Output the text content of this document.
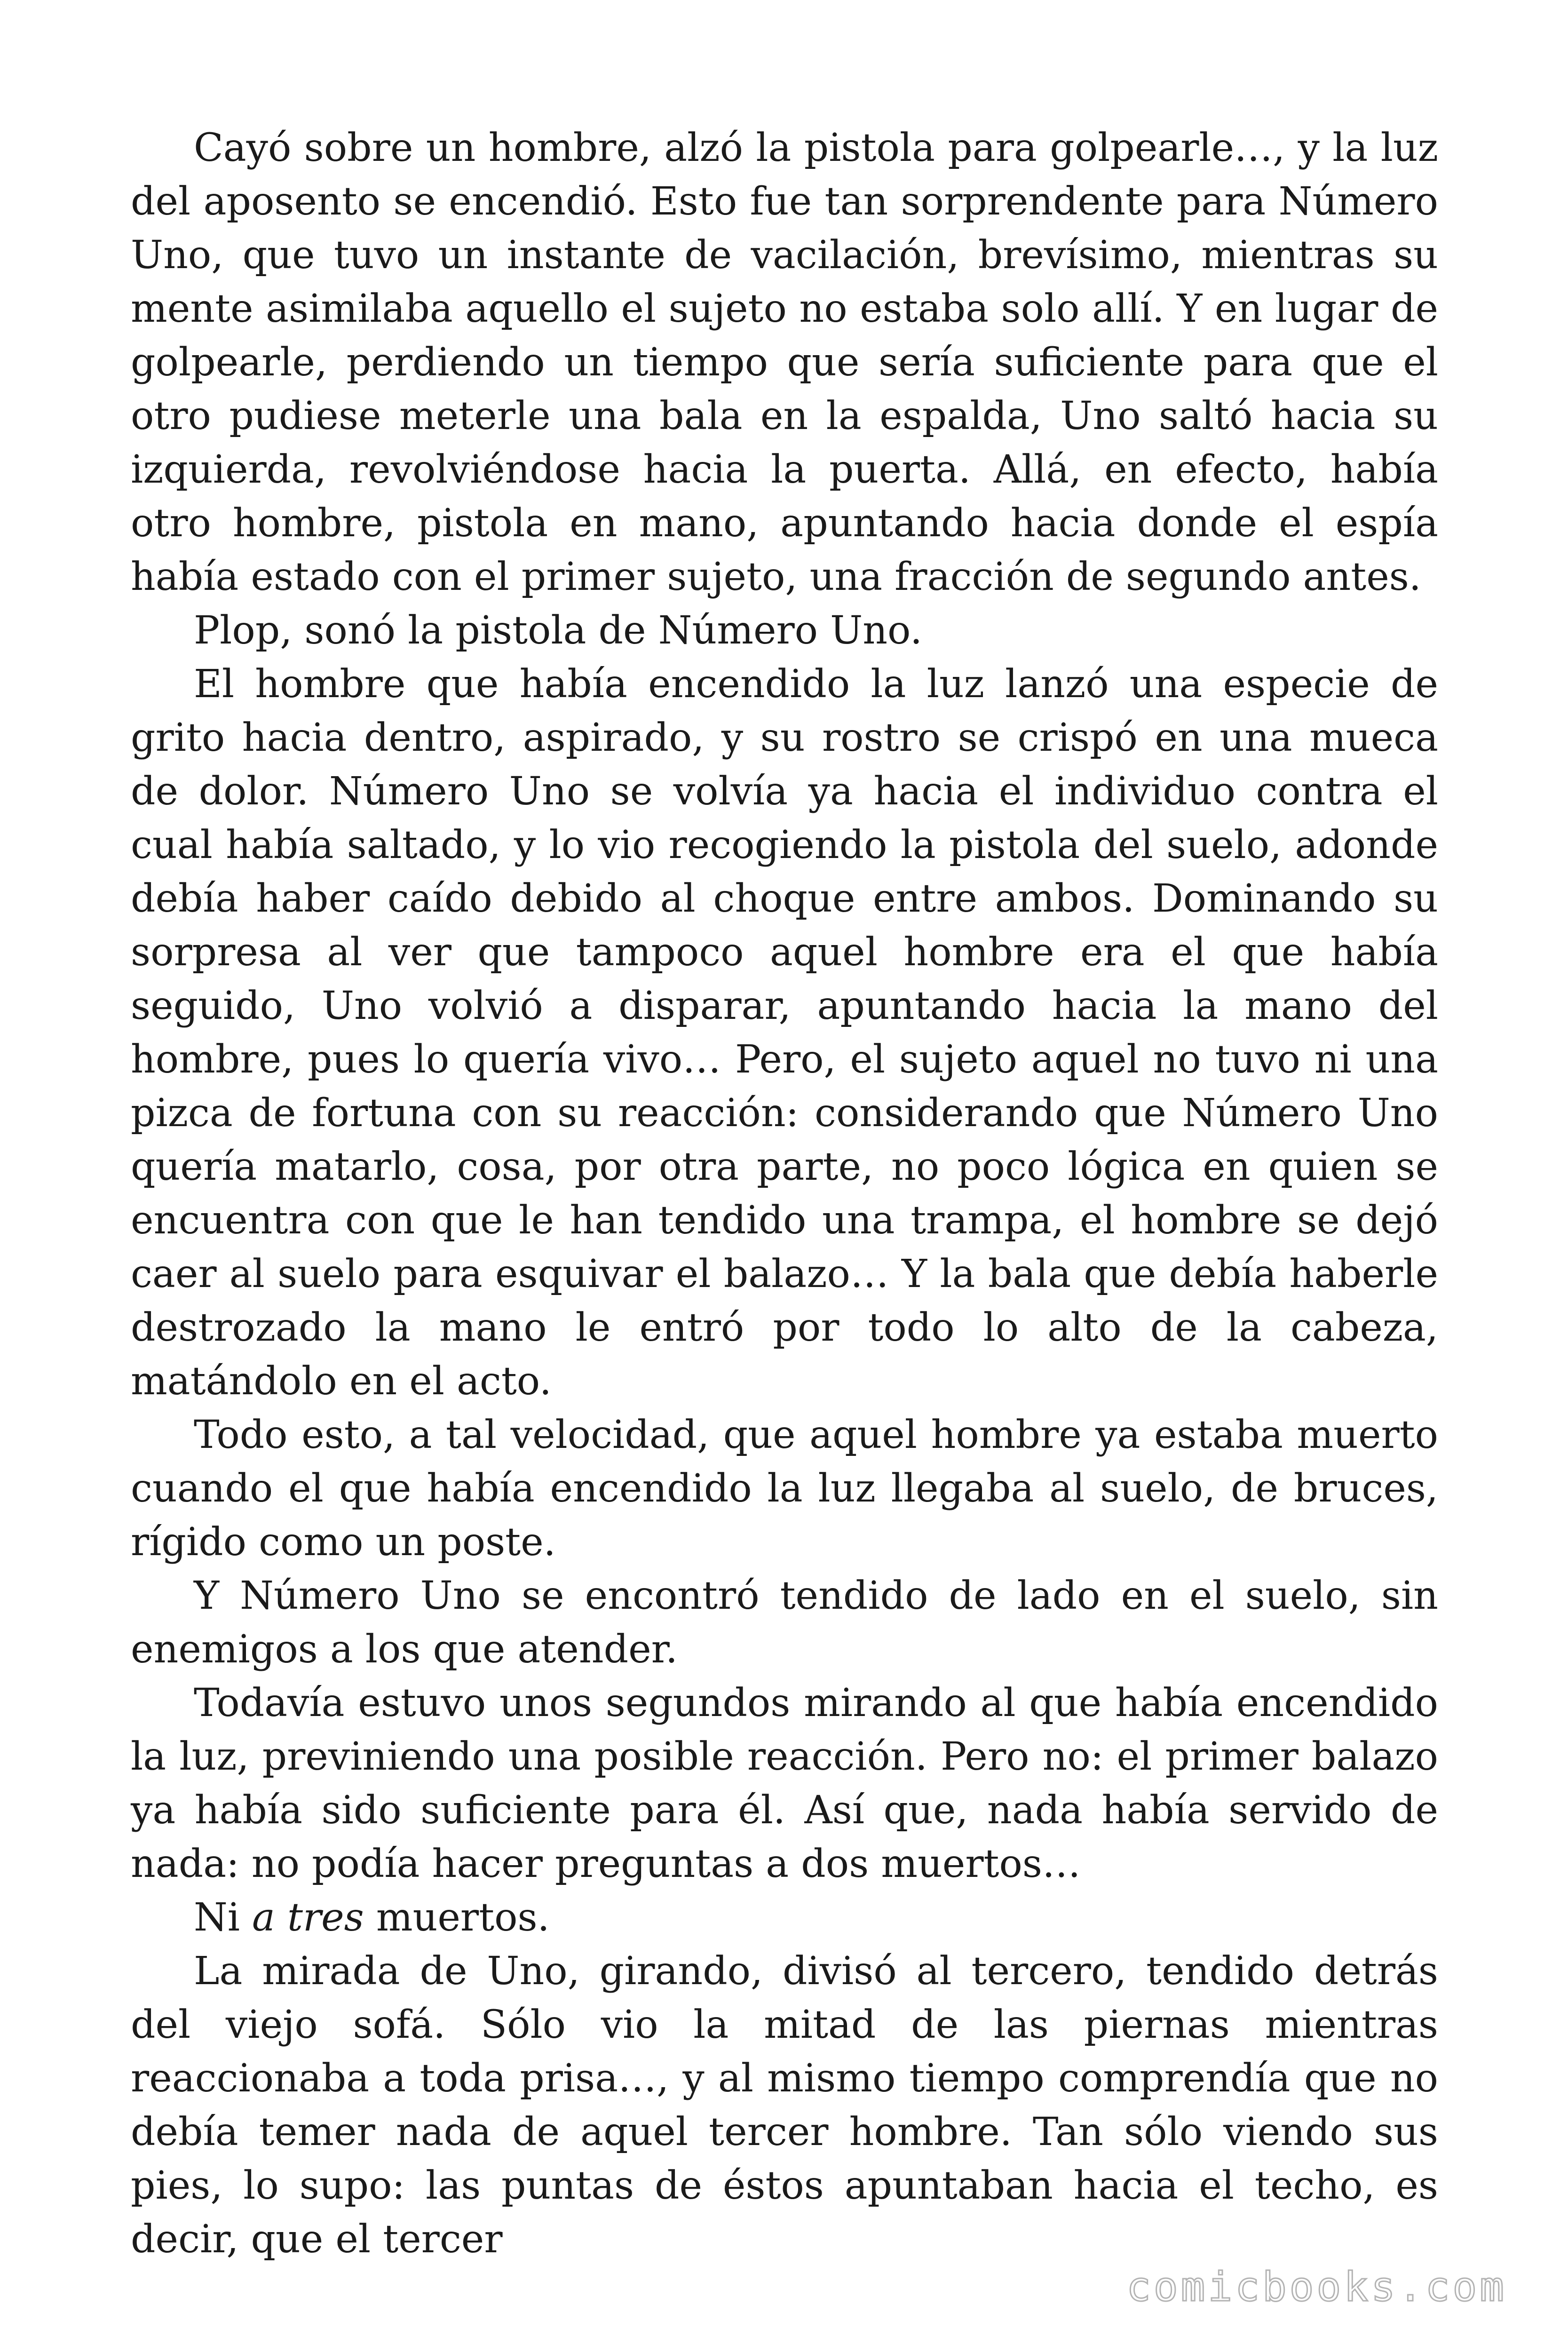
Cayó sobre un hombre, alzó la pistola para golpearle…, y la luz del aposento se encendió. Esto fue tan sorprendente para Número Uno, que tuvo un instante de vacilación, brevísimo, mientras su mente asimilaba aquello el sujeto no estaba solo allí. Y en lugar de golpearle, perdiendo un tiempo que sería suficiente para que el otro pudiese meterle una bala en la espalda, Uno saltó hacia su izquierda, revolviéndose hacia la puerta. Allá, en efecto, había otro hombre, pistola en mano, apuntando hacia donde el espía había estado con el primer sujeto, una fracción de segundo antes.

Plop, sonó la pistola de Número Uno.

El hombre que había encendido la luz lanzó una especie de grito hacia dentro, aspirado, y su rostro se crispó en una mueca de dolor. Número Uno se volvía ya hacia el individuo contra el cual había saltado, y lo vio recogiendo la pistola del suelo, adonde debía haber caído debido al choque entre ambos. Dominando su sorpresa al ver que tampoco aquel hombre era el que había seguido, Uno volvió a disparar, apuntando hacia la mano del hombre, pues lo quería vivo… Pero, el sujeto aquel no tuvo ni una pizca de fortuna con su reacción: considerando que Número Uno quería matarlo, cosa, por otra parte, no poco lógica en quien se encuentra con que le han tendido una trampa, el hombre se dejó caer al suelo para esquivar el balazo… Y la bala que debía haberle destrozado la mano le entró por todo lo alto de la cabeza, matándolo en el acto.

Todo esto, a tal velocidad, que aquel hombre ya estaba muerto cuando el que había encendido la luz llegaba al suelo, de bruces, rígido como un poste.

Y Número Uno se encontró tendido de lado en el suelo, sin enemigos a los que atender.

Todavía estuvo unos segundos mirando al que había encendido la luz, previniendo una posible reacción. Pero no: el primer balazo ya había sido suficiente para él. Así que, nada había servido de nada: no podía hacer preguntas a dos muertos…

Ni a tres muertos.

La mirada de Uno, girando, divisó al tercero, tendido detrás del viejo sofá. Sólo vio la mitad de las piernas mientras reaccionaba a toda prisa…, y al mismo tiempo comprendía que no debía temer nada de aquel tercer hombre. Tan sólo viendo sus pies, lo supo: las puntas de éstos apuntaban hacia el techo, es decir, que el tercer

comicbooks.com
